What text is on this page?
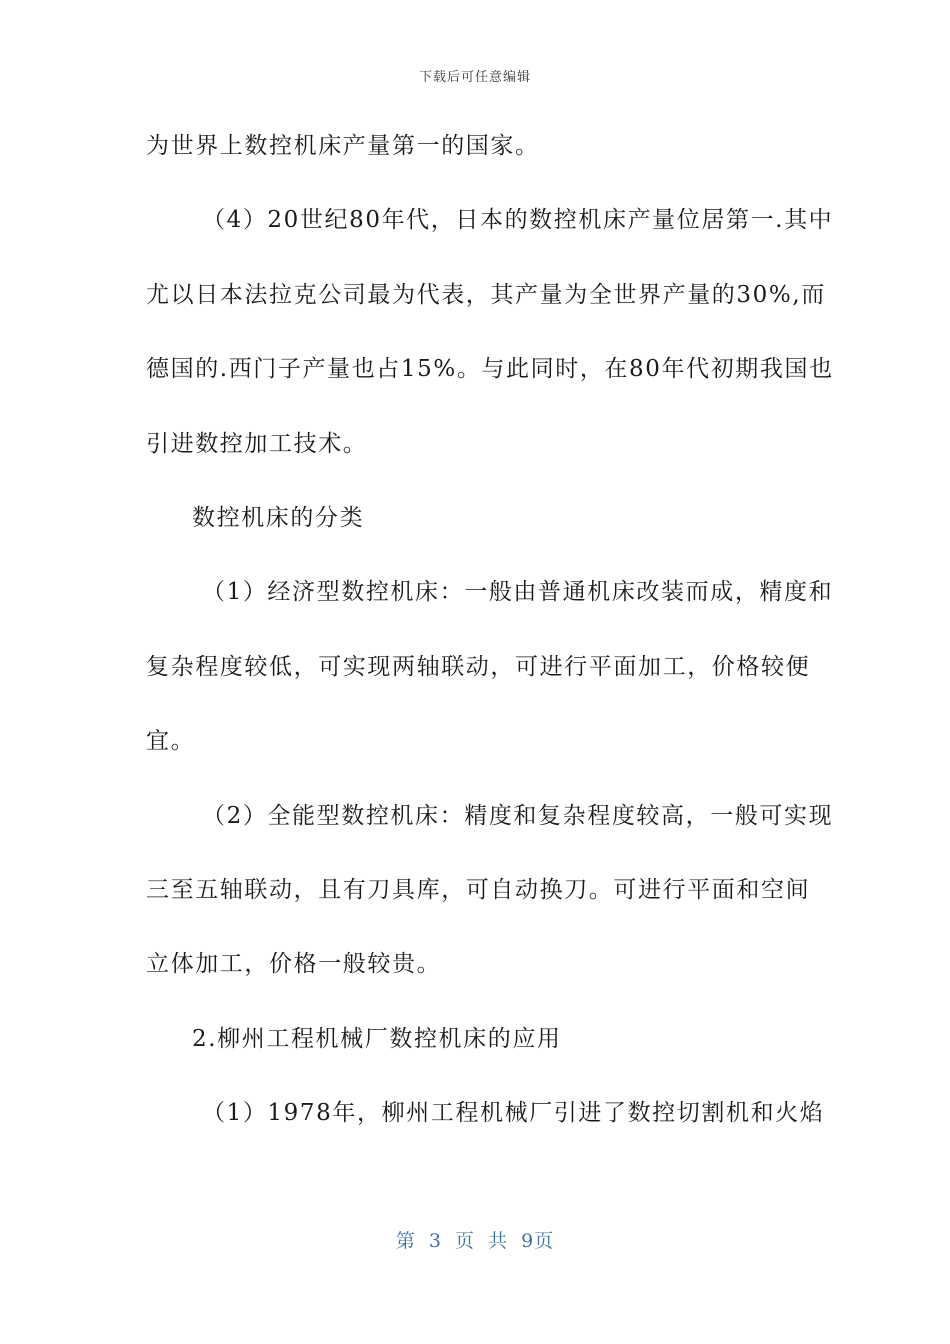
下载后可任意编辑
为世界上数控机床产量第一的国家。
（4）20世纪80年代，日本的数控机床产量位居第一.其中
尤以日本法拉克公司最为代表，其产量为全世界产量的30%,而
德国的.西门子产量也占15%。与此同时，在80年代初期我国也
引进数控加工技术。
数控机床的分类
（1）经济型数控机床：一般由普通机床改装而成，精度和
复杂程度较低，可实现两轴联动，可进行平面加工，价格较便
宜。
（2）全能型数控机床：精度和复杂程度较高，一般可实现
三至五轴联动，且有刀具库，可自动换刀。可进行平面和空间
立体加工，价格一般较贵。
2.柳州工程机械厂数控机床的应用
（1）1978年，柳州工程机械厂引进了数控切割机和火焰
第 3 页 共 9页
